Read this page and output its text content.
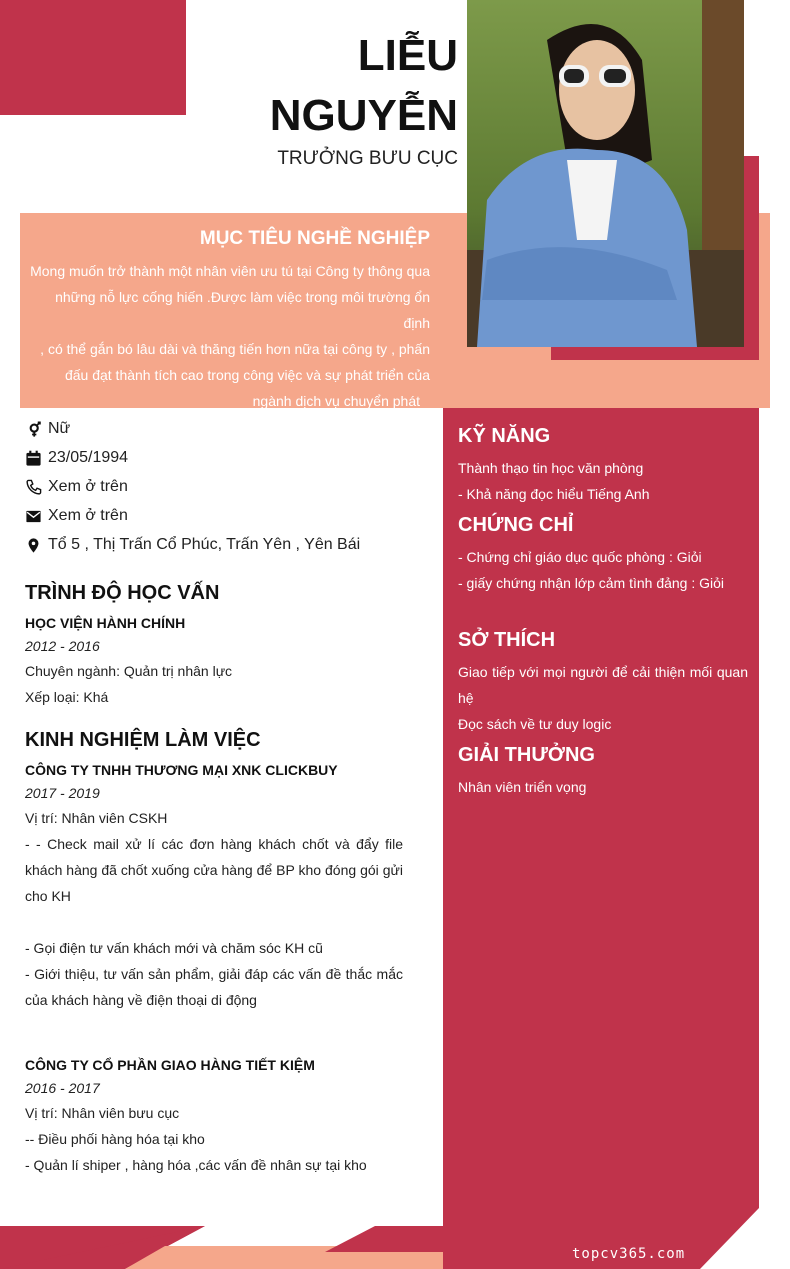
LIỄU
NGUYỄN
TRƯỞNG BƯU CỤC
MỤC TIÊU NGHỀ NGHIỆP
Mong muốn trở thành một nhân viên ưu tú tại Công ty thông qua
những nỗ lực cống hiến .Được làm việc trong môi trường ổn định
, có thể gắn bó lâu dài và thăng tiến hơn nữa tại công ty , phấn
đấu đạt thành tích cao trong công việc và sự phát triển của
ngành dịch vụ chuyển phát
Nữ
23/05/1994
Xem ở trên
Xem ở trên
Tổ 5 , Thị Trấn Cổ Phúc, Trấn Yên , Yên Bái
TRÌNH ĐỘ HỌC VẤN
HỌC VIỆN HÀNH CHÍNH
2012 - 2016
Chuyên ngành: Quản trị nhân lực
Xếp loại: Khá
KINH NGHIỆM LÀM VIỆC
CÔNG TY TNHH THƯƠNG MẠI XNK CLICKBUY
2017 - 2019
Vị trí: Nhân viên CSKH
- - Check mail xử lí các đơn hàng khách chốt và đẩy file khách hàng đã chốt xuống cửa hàng để BP kho đóng gói gửi cho KH
- Gọi điện tư vấn khách mới và chăm sóc KH cũ
- Giới thiệu, tư vấn sản phẩm, giải đáp các vấn đề thắc mắc của khách hàng về điện thoại di động
CÔNG TY CỔ PHẦN GIAO HÀNG TIẾT KIỆM
2016 - 2017
Vị trí: Nhân viên bưu cục
-- Điều phối hàng hóa tại kho
- Quản lí shiper , hàng hóa ,các vấn đề nhân sự tại kho
KỸ NĂNG
Thành thạo tin học văn phòng
- Khả năng đọc hiểu Tiếng Anh
CHỨNG CHỈ
- Chứng chỉ giáo dục quốc phòng : Giỏi
- giấy chứng nhận lớp cảm tình đảng : Giỏi
SỞ THÍCH
Giao tiếp với mọi người để cải thiện mối quan hệ
Đọc sách về tư duy logic
GIẢI THƯỞNG
Nhân viên triển vọng
topcv365.com
